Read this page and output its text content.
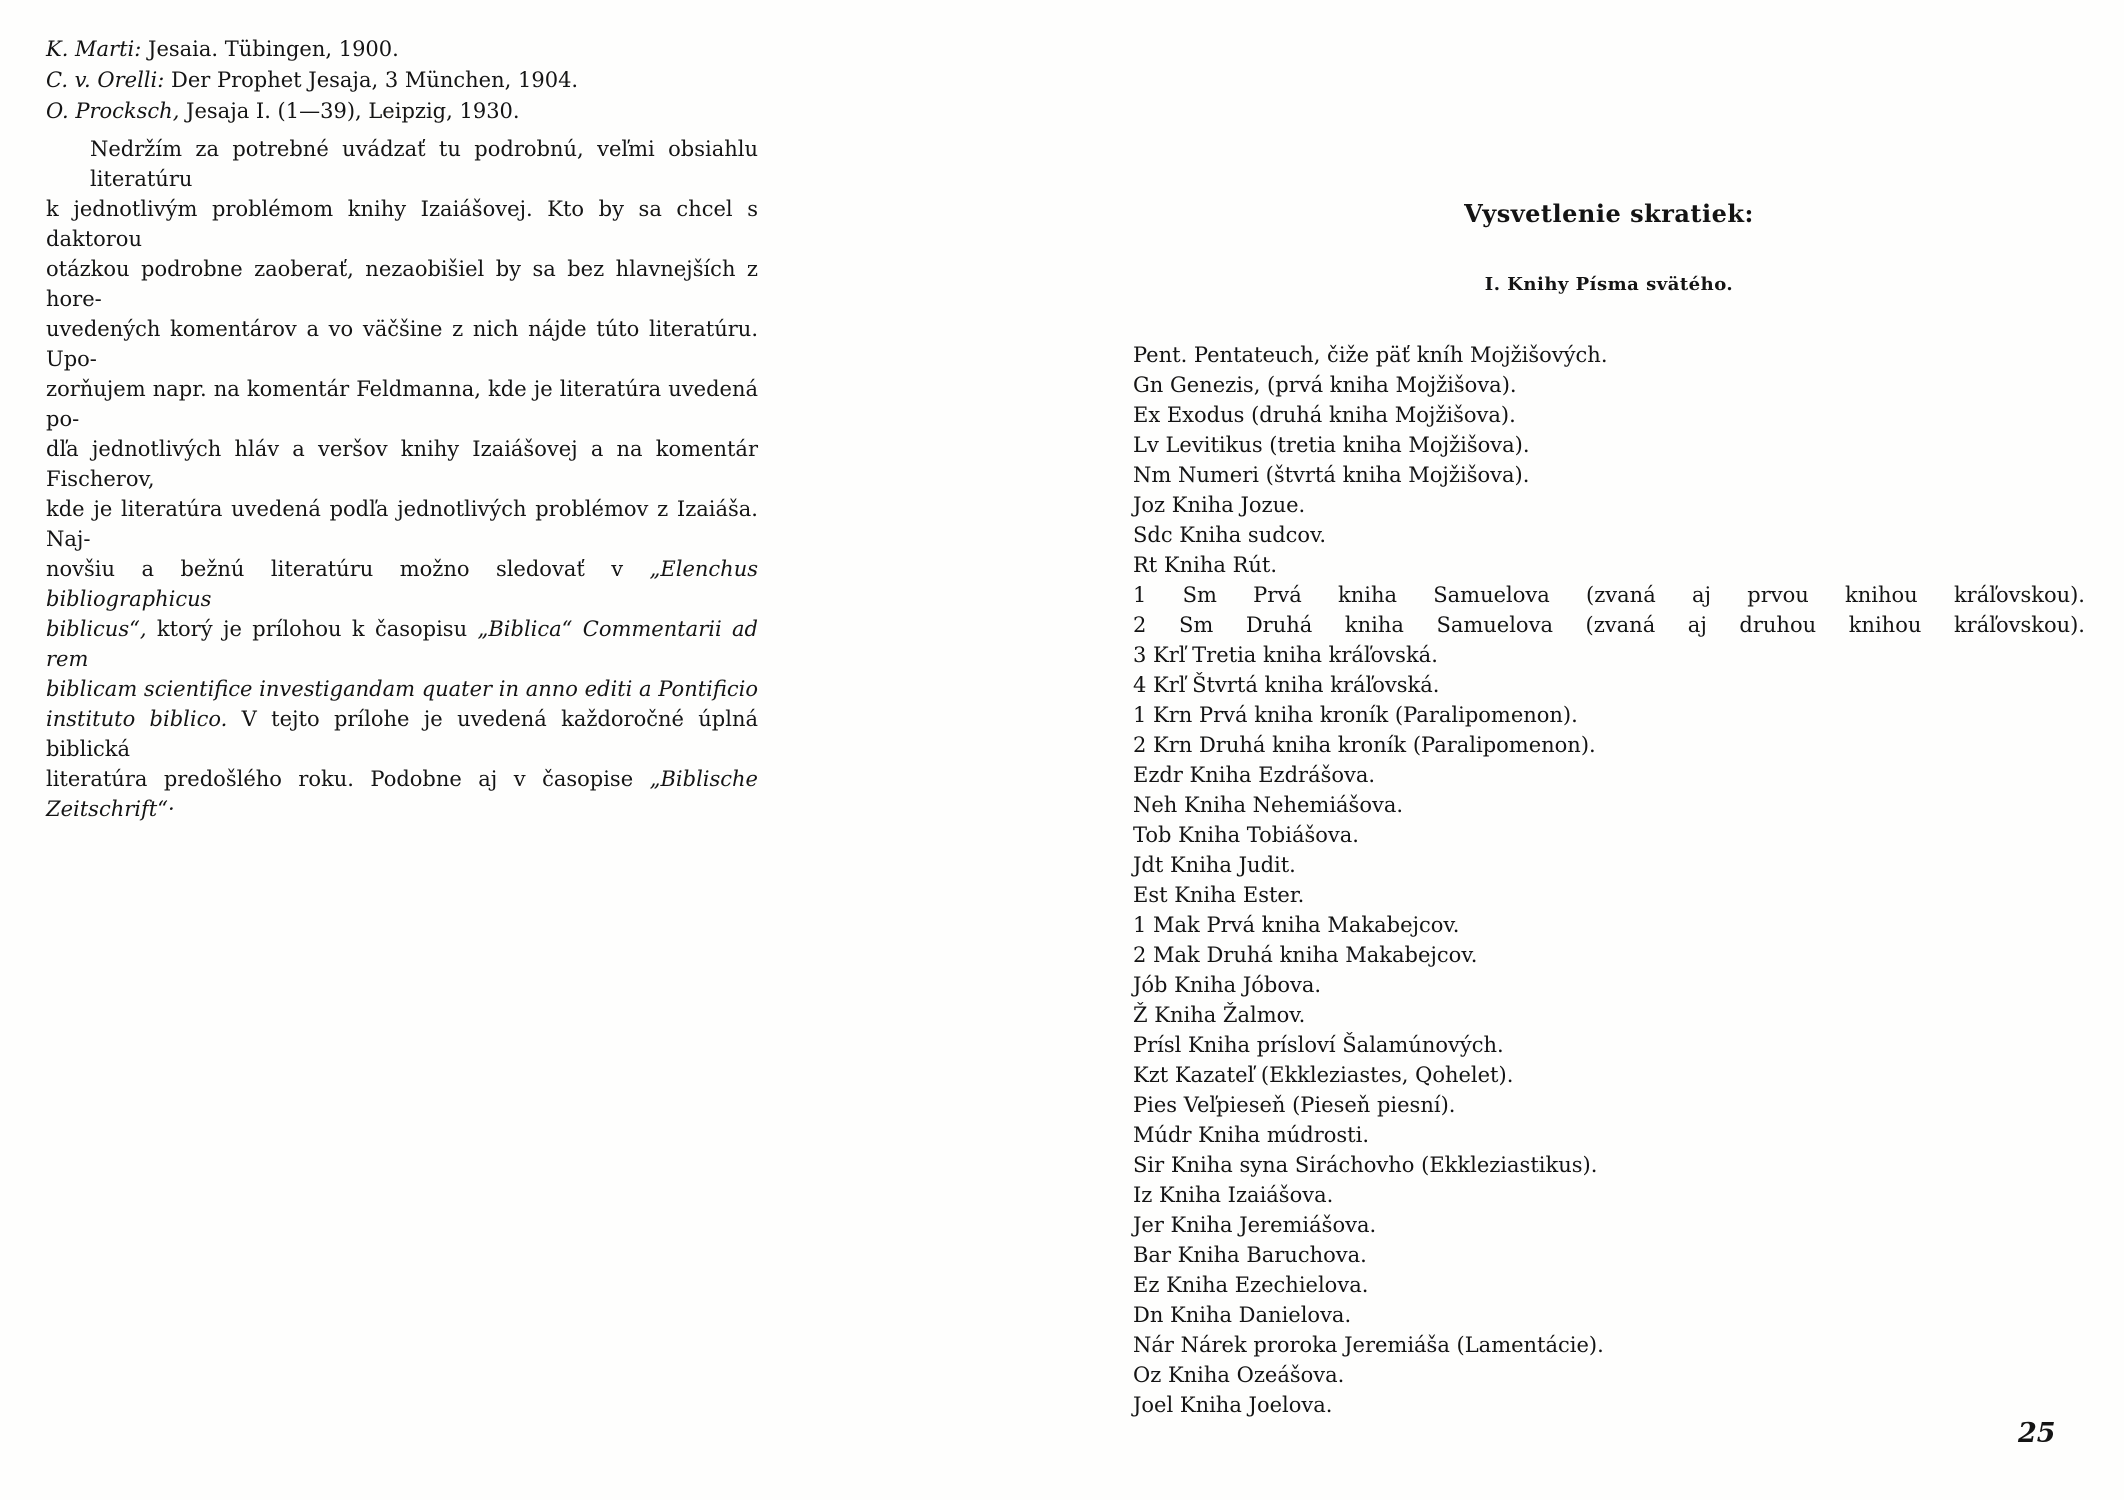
K. Marti: Jesaia. Tübingen, 1900.
C. v. Orelli: Der Prophet Jesaja, 3 München, 1904.
O. Procksch, Jesaja I. (1—39), Leipzig, 1930.
Nedržím za potrebné uvádzať tu podrobnú, veľmi obsiahlu literatúru
k jednotlivým problémom knihy Izaiášovej. Kto by sa chcel s daktorou
otázkou podrobne zaoberať, nezaobišiel by sa bez hlavnejších z hore-
uvedených komentárov a vo väčšine z nich nájde túto literatúru. Upo-
zorňujem napr. na komentár Feldmanna, kde je literatúra uvedená po-
dľa jednotlivých hláv a veršov knihy Izaiášovej a na komentár Fischerov,
kde je literatúra uvedená podľa jednotlivých problémov z Izaiáša. Naj-
novšiu a bežnú literatúru možno sledovať v „Elenchus bibliographicus
biblicus“, ktorý je prílohou k časopisu „Biblica“ Commentarii ad rem
biblicam scientifice investigandam quater in anno editi a Pontificio
instituto biblico. V tejto prílohe je uvedená každoročné úplná biblická
literatúra predošlého roku. Podobne aj v časopise „Biblische Zeitschrift“·
Vysvetlenie skratiek:
I. Knihy Písma svätého.
Pent. Pentateuch, čiže päť kníh Mojžišových.
Gn Genezis, (prvá kniha Mojžišova).
Ex Exodus (druhá kniha Mojžišova).
Lv Levitikus (tretia kniha Mojžišova).
Nm Numeri (štvrtá kniha Mojžišova).
Joz Kniha Jozue.
Sdc Kniha sudcov.
Rt Kniha Rút.
1 Sm Prvá kniha Samuelova (zvaná aj prvou knihou kráľovskou).
2 Sm Druhá kniha Samuelova (zvaná aj druhou knihou kráľovskou).
3 Krľ Tretia kniha kráľovská.
4 Krľ Štvrtá kniha kráľovská.
1 Krn Prvá kniha kroník (Paralipomenon).
2 Krn Druhá kniha kroník (Paralipomenon).
Ezdr Kniha Ezdrášova.
Neh Kniha Nehemiášova.
Tob Kniha Tobiášova.
Jdt Kniha Judit.
Est Kniha Ester.
1 Mak Prvá kniha Makabejcov.
2 Mak Druhá kniha Makabejcov.
Jób Kniha Jóbova.
Ž Kniha Žalmov.
Prísl Kniha prísloví Šalamúnových.
Kzt Kazateľ (Ekkleziastes, Qohelet).
Pies Veľpieseň (Pieseň piesní).
Múdr Kniha múdrosti.
Sir Kniha syna Siráchovho (Ekkleziastikus).
Iz Kniha Izaiášova.
Jer Kniha Jeremiášova.
Bar Kniha Baruchova.
Ez Kniha Ezechielova.
Dn Kniha Danielova.
Nár Nárek proroka Jeremiáša (Lamentácie).
Oz Kniha Ozeášova.
Joel Kniha Joelova.
25
